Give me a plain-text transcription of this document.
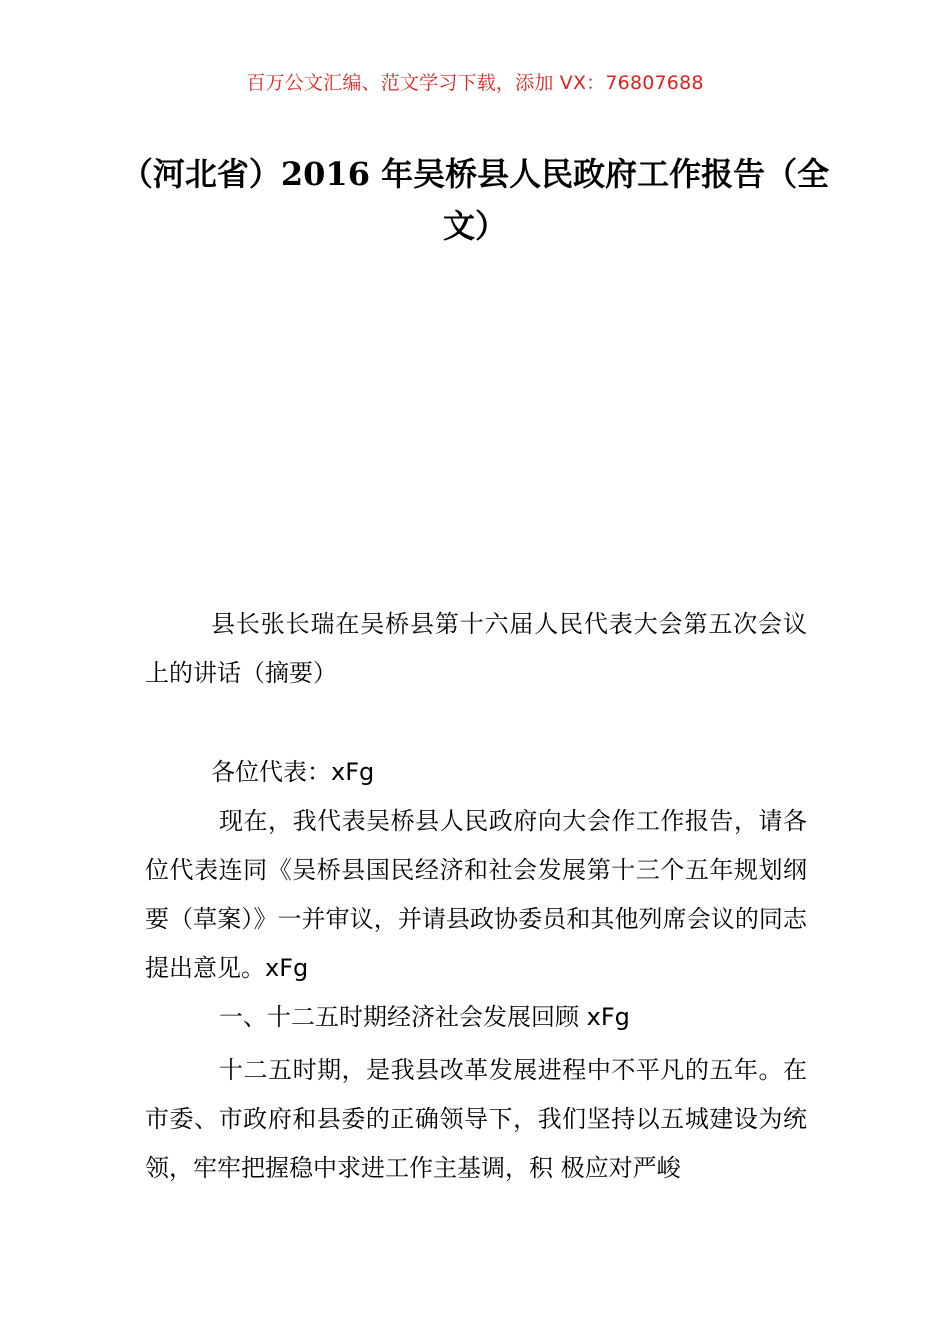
百万公文汇编、范文学习下载，添加 VX：76807688
（河北省）2016 年吴桥县人民政府工作报告（全文）

县长张长瑞在吴桥县第十六届人民代表大会第五次会议上的讲话（摘要）

各位代表：xFg

现在，我代表吴桥县人民政府向大会作工作报告，请各位代表连同《吴桥县国民经济和社会发展第十三个五年规划纲要（草案）》一并审议，并请县政协委员和其他列席会议的同志提出意见。xFg

一、十二五时期经济社会发展回顾 xFg

十二五时期，是我县改革发展进程中不平凡的五年。在市委、市政府和县委的正确领导下，我们坚持以五城建设为统领，牢牢把握稳中求进工作主基调，积 极应对严峻
